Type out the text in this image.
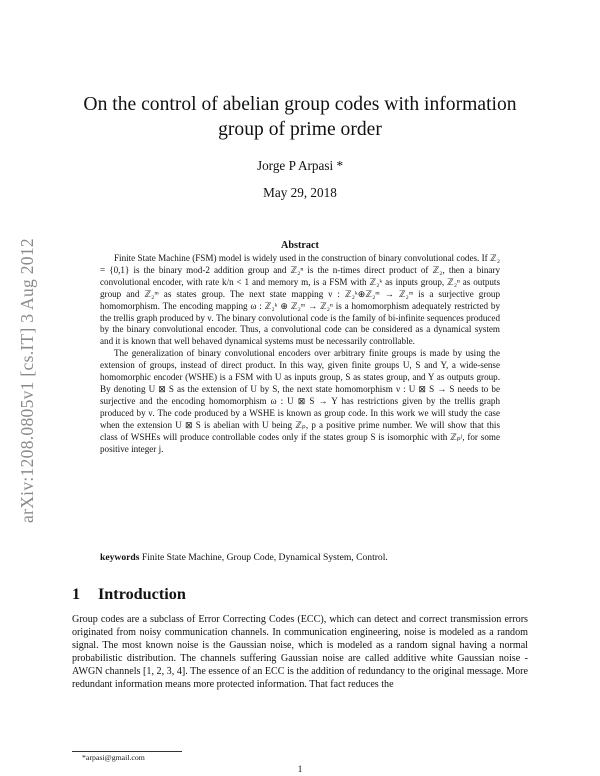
arXiv:1208.0805v1 [cs.IT] 3 Aug 2012
On the control of abelian group codes with information group of prime order
Jorge P Arpasi *
May 29, 2018
Abstract

Finite State Machine (FSM) model is widely used in the construction of binary convolutional codes. If ℤ₂ = {0,1} is the binary mod-2 addition group and ℤ₂ⁿ is the n-times direct product of ℤ₂, then a binary convolutional encoder, with rate k/n < 1 and memory m, is a FSM with ℤ₂ᵏ as inputs group, ℤ₂ⁿ as outputs group and ℤ₂ᵐ as states group. The next state mapping ν : ℤ₂ᵏ⊕ℤ₂ᵐ → ℤ₂ᵐ is a surjective group homomorphism. The encoding mapping ω : ℤ₂ᵏ ⊕ ℤ₂ᵐ → ℤ₂ⁿ is a homomorphism adequately restricted by the trellis graph produced by ν. The binary convolutional code is the family of bi-infinite sequences produced by the binary convolutional encoder. Thus, a convolutional code can be considered as a dynamical system and it is known that well behaved dynamical systems must be necessarily controllable.

The generalization of binary convolutional encoders over arbitrary finite groups is made by using the extension of groups, instead of direct product. In this way, given finite groups U, S and Y, a wide-sense homomorphic encoder (WSHE) is a FSM with U as inputs group, S as states group, and Y as outputs group. By denoting U ⊠ S as the extension of U by S, the next state homomorphism ν : U ⊠ S → S needs to be surjective and the encoding homomorphism ω : U ⊠ S → Y has restrictions given by the trellis graph produced by ν. The code produced by a WSHE is known as group code. In this work we will study the case when the extension U ⊠ S is abelian with U being ℤₚ, p a positive prime number. We will show that this class of WSHEs will produce controllable codes only if the states group S is isomorphic with ℤₚʲ, for some positive integer j.

keywords Finite State Machine, Group Code, Dynamical System, Control.
1 Introduction

Group codes are a subclass of Error Correcting Codes (ECC), which can detect and correct transmission errors originated from noisy communication channels. In communication engineering, noise is modeled as a random signal. The most known noise is the Gaussian noise, which is modeled as a random signal having a normal probabilistic distribution. The channels suffering Gaussian noise are called additive white Gaussian noise - AWGN channels [1, 2, 3, 4]. The essence of an ECC is the addition of redundancy to the original message. More redundant information means more protected information. That fact reduces the

*arpasi@gmail.com
1
